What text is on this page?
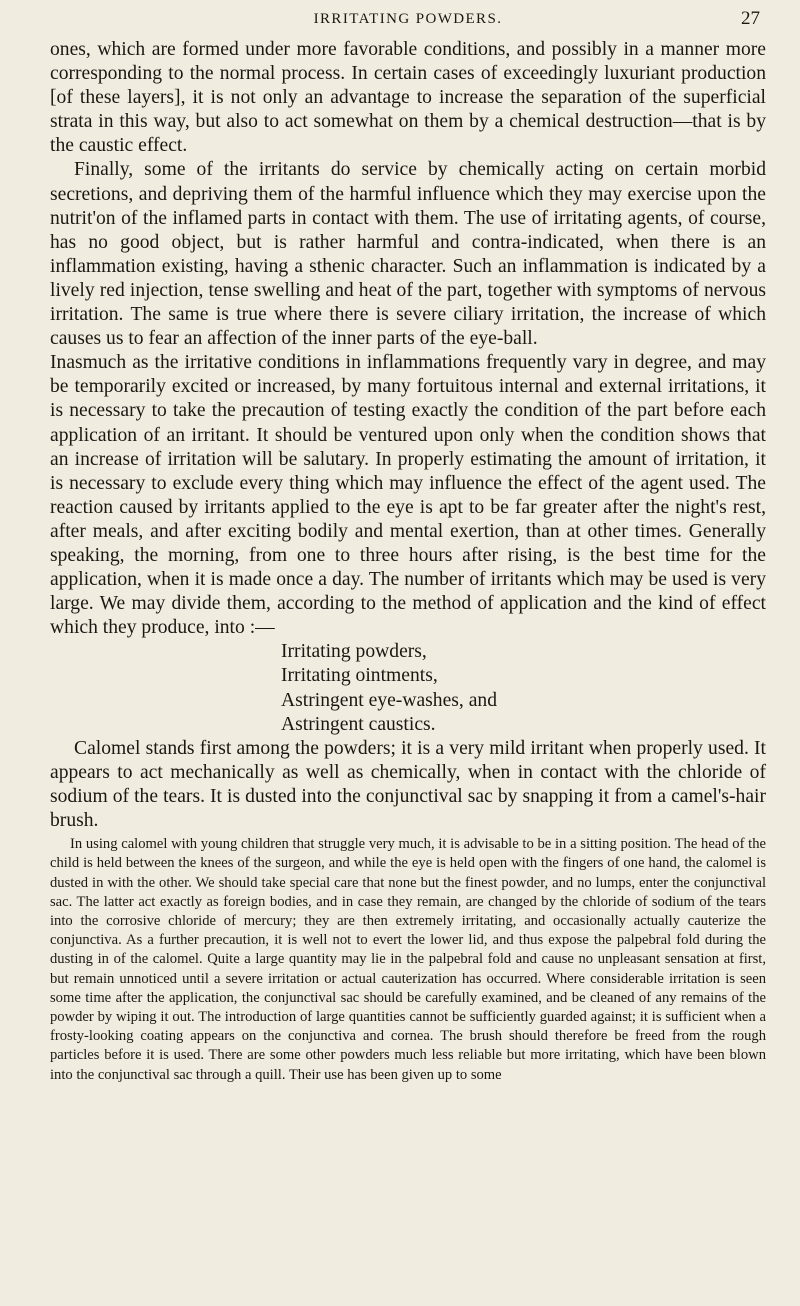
IRRITATING POWDERS.	27

ones, which are formed under more favorable conditions, and possibly in a manner more corresponding to the normal process. In certain cases of exceedingly luxuriant production [of these layers], it is not only an advantage to increase the separation of the superficial strata in this way, but also to act somewhat on them by a chemical destruction—that is by the caustic effect.

Finally, some of the irritants do service by chemically acting on certain morbid secretions, and depriving them of the harmful influence which they may exercise upon the nutrit'on of the inflamed parts in contact with them. The use of irritating agents, of course, has no good object, but is rather harmful and contra-indicated, when there is an inflammation existing, having a sthenic character. Such an inflammation is indicated by a lively red injection, tense swelling and heat of the part, together with symptoms of nervous irritation. The same is true where there is severe ciliary irritation, the increase of which causes us to fear an affection of the inner parts of the eye-ball.

Inasmuch as the irritative conditions in inflammations frequently vary in degree, and may be temporarily excited or increased, by many fortuitous internal and external irritations, it is necessary to take the precaution of testing exactly the condition of the part before each application of an irritant. It should be ventured upon only when the condition shows that an increase of irritation will be salutary. In properly estimating the amount of irritation, it is necessary to exclude every thing which may influence the effect of the agent used. The reaction caused by irritants applied to the eye is apt to be far greater after the night's rest, after meals, and after exciting bodily and mental exertion, than at other times. Generally speaking, the morning, from one to three hours after rising, is the best time for the application, when it is made once a day. The number of irritants which may be used is very large. We may divide them, according to the method of application and the kind of effect which they produce, into :—

Irritating powders,
Irritating ointments,
Astringent eye-washes, and
Astringent caustics.

Calomel stands first among the powders; it is a very mild irritant when properly used. It appears to act mechanically as well as chemically, when in contact with the chloride of sodium of the tears. It is dusted into the conjunctival sac by snapping it from a camel's-hair brush.

In using calomel with young children that struggle very much, it is advisable to be in a sitting position. The head of the child is held between the knees of the surgeon, and while the eye is held open with the fingers of one hand, the calomel is dusted in with the other. We should take special care that none but the finest powder, and no lumps, enter the conjunctival sac. The latter act exactly as foreign bodies, and in case they remain, are changed by the chloride of sodium of the tears into the corrosive chloride of mercury; they are then extremely irritating, and occasionally actually cauterize the conjunctiva. As a further precaution, it is well not to evert the lower lid, and thus expose the palpebral fold during the dusting in of the calomel. Quite a large quantity may lie in the palpebral fold and cause no unpleasant sensation at first, but remain unnoticed until a severe irritation or actual cauterization has occurred. Where considerable irritation is seen some time after the application, the conjunctival sac should be carefully examined, and be cleaned of any remains of the powder by wiping it out. The introduction of large quantities cannot be sufficiently guarded against; it is sufficient when a frosty-looking coating appears on the conjunctiva and cornea. The brush should therefore be freed from the rough particles before it is used. There are some other powders much less reliable but more irritating, which have been blown into the conjunctival sac through a quill. Their use has been given up to some
